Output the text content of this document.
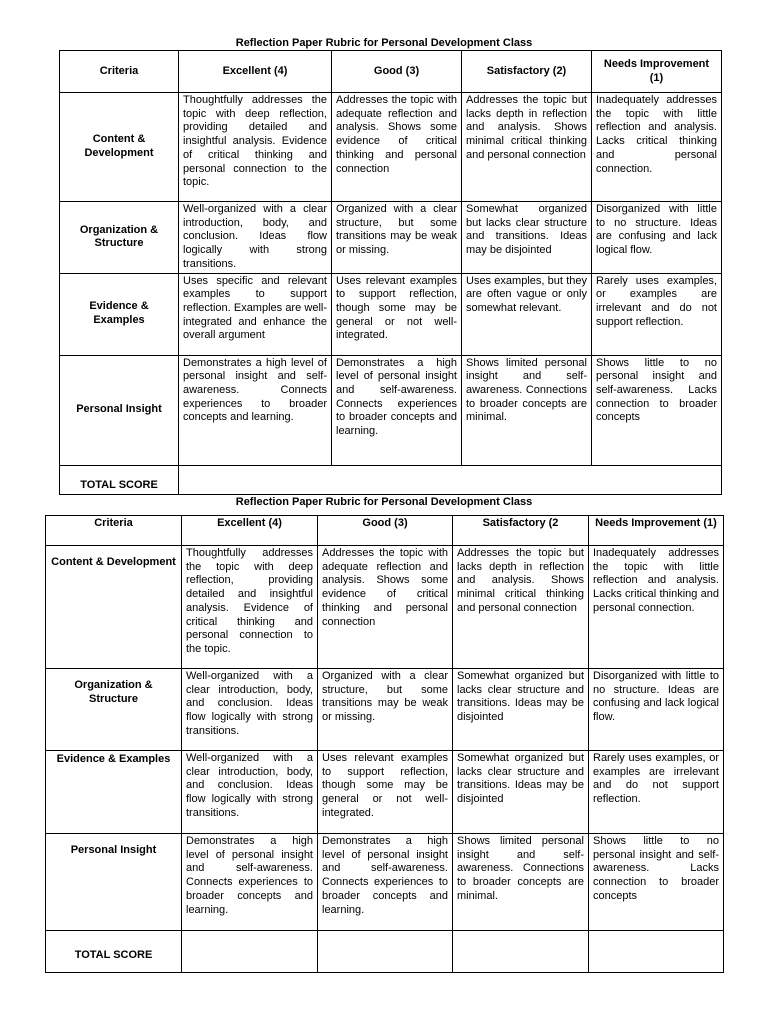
Reflection Paper Rubric for Personal Development Class
Criteria	Excellent (4)	Good (3)	Satisfactory (2)	Needs Improvement (1)
Content & Development	Thoughtfully addresses the topic with deep reflection, providing detailed and insightful analysis. Evidence of critical thinking and personal connection to the topic.	Addresses the topic with adequate reflection and analysis. Shows some evidence of critical thinking and personal connection	Addresses the topic but lacks depth in reflection and analysis. Shows minimal critical thinking and personal connection	Inadequately addresses the topic with little reflection and analysis. Lacks critical thinking and personal connection.
Organization & Structure	Well-organized with a clear introduction, body, and conclusion. Ideas flow logically with strong transitions.	Organized with a clear structure, but some transitions may be weak or missing.	Somewhat organized but lacks clear structure and transitions. Ideas may be disjointed	Disorganized with little to no structure. Ideas are confusing and lack logical flow.
Evidence & Examples	Uses specific and relevant examples to support reflection. Examples are well-integrated and enhance the overall argument	Uses relevant examples to support reflection, though some may be general or not well-integrated.	Uses examples, but they are often vague or only somewhat relevant.	Rarely uses examples, or examples are irrelevant and do not support reflection.
Personal Insight	Demonstrates a high level of personal insight and self-awareness. Connects experiences to broader concepts and learning.	Demonstrates a high level of personal insight and self-awareness. Connects experiences to broader concepts and learning.	Shows limited personal insight and self-awareness. Connections to broader concepts are minimal.	Shows little to no personal insight and self-awareness. Lacks connection to broader concepts
TOTAL SCORE				
Reflection Paper Rubric for Personal Development Class
Criteria	Excellent (4)	Good (3)	Satisfactory (2	Needs Improvement (1)
Content & Development	Thoughtfully addresses the topic with deep reflection, providing detailed and insightful analysis. Evidence of critical thinking and personal connection to the topic.	Addresses the topic with adequate reflection and analysis. Shows some evidence of critical thinking and personal connection	Addresses the topic but lacks depth in reflection and analysis. Shows minimal critical thinking and personal connection	Inadequately addresses the topic with little reflection and analysis. Lacks critical thinking and personal connection.
Organization & Structure	Well-organized with a clear introduction, body, and conclusion. Ideas flow logically with strong transitions.	Organized with a clear structure, but some transitions may be weak or missing.	Somewhat organized but lacks clear structure and transitions. Ideas may be disjointed	Disorganized with little to no structure. Ideas are confusing and lack logical flow.
Evidence & Examples	Well-organized with a clear introduction, body, and conclusion. Ideas flow logically with strong transitions.	Uses relevant examples to support reflection, though some may be general or not well-integrated.	Somewhat organized but lacks clear structure and transitions. Ideas may be disjointed	Rarely uses examples, or examples are irrelevant and do not support reflection.
Personal Insight	Demonstrates a high level of personal insight and self-awareness. Connects experiences to broader concepts and learning.	Demonstrates a high level of personal insight and self-awareness. Connects experiences to broader concepts and learning.	Shows limited personal insight and self-awareness. Connections to broader concepts are minimal.	Shows little to no personal insight and self-awareness. Lacks connection to broader concepts
TOTAL SCORE				
